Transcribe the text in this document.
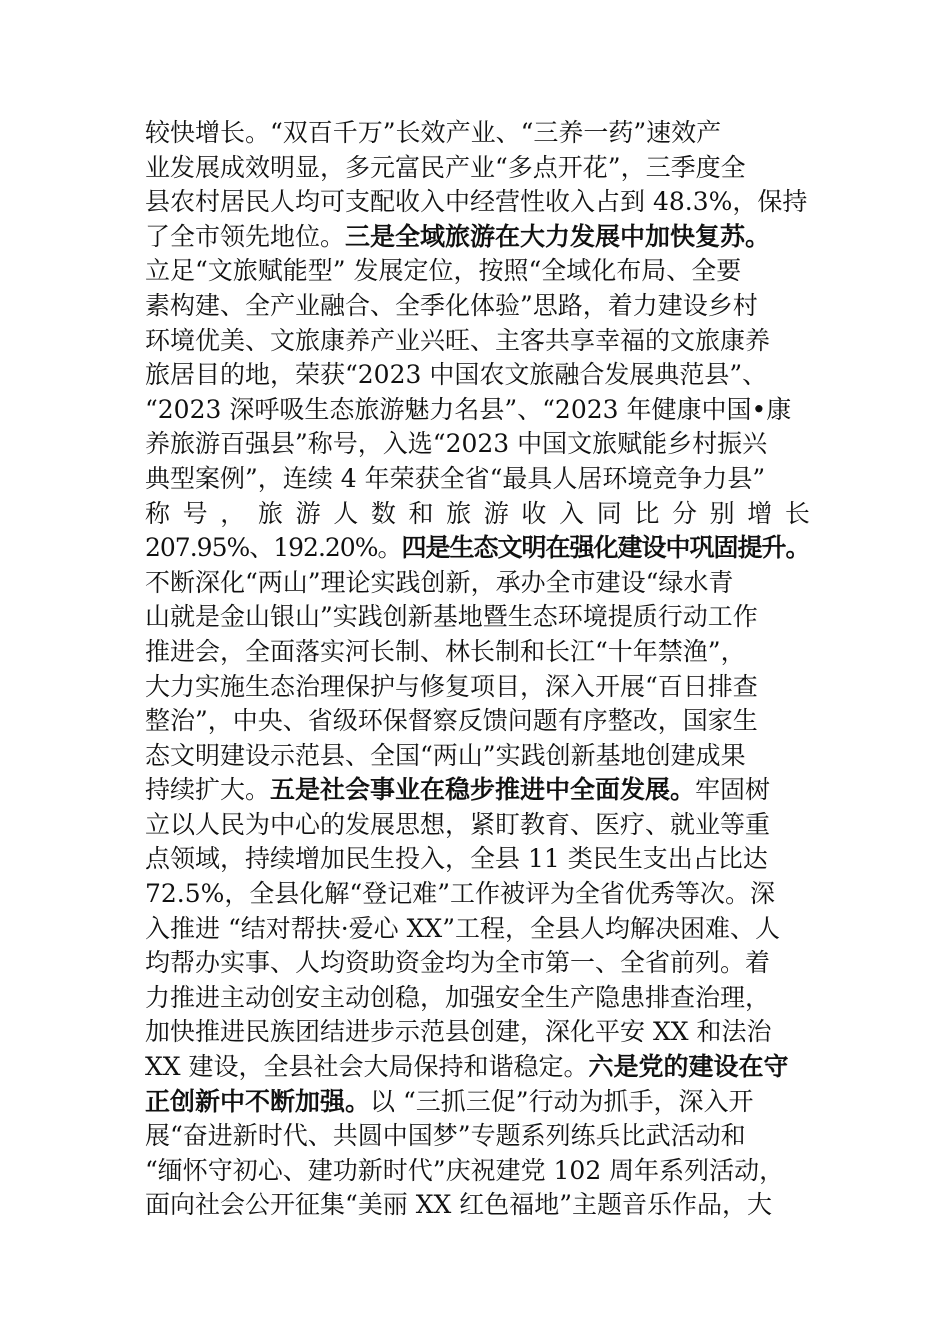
较快增长。“双百千万”长效产业、“三养一药”速效产
业发展成效明显，多元富民产业“多点开花”，三季度全
县农村居民人均可支配收入中经营性收入占到 48.3%，保持
了全市领先地位。三是全域旅游在大力发展中加快复苏。
立足“文旅赋能型” 发展定位，按照“全域化布局、全要
素构建、全产业融合、全季化体验”思路，着力建设乡村
环境优美、文旅康养产业兴旺、主客共享幸福的文旅康养
旅居目的地，荣获“2023 中国农文旅融合发展典范县”、
“2023 深呼吸生态旅游魅力名县”、“2023 年健康中国•康
养旅游百强县”称号，入选“2023 中国文旅赋能乡村振兴
典型案例”，连续 4 年荣获全省“最具人居环境竞争力县”
称 号 ， 旅 游 人 数 和 旅 游 收 入 同 比 分 别 增 长
207.95%、192.20%。四是生态文明在强化建设中巩固提升。
不断深化“两山”理论实践创新，承办全市建设“绿水青
山就是金山银山”实践创新基地暨生态环境提质行动工作
推进会，全面落实河长制、林长制和长江“十年禁渔”，
大力实施生态治理保护与修复项目，深入开展“百日排查
整治”，中央、省级环保督察反馈问题有序整改，国家生
态文明建设示范县、全国“两山”实践创新基地创建成果
持续扩大。五是社会事业在稳步推进中全面发展。牢固树
立以人民为中心的发展思想，紧盯教育、医疗、就业等重
点领域，持续增加民生投入，全县 11 类民生支出占比达
72.5%，全县化解“登记难”工作被评为全省优秀等次。深
入推进 “结对帮扶·爱心 XX”工程，全县人均解决困难、人
均帮办实事、人均资助资金均为全市第一、全省前列。着
力推进主动创安主动创稳，加强安全生产隐患排查治理，
加快推进民族团结进步示范县创建，深化平安 XX 和法治
XX 建设，全县社会大局保持和谐稳定。六是党的建设在守
正创新中不断加强。以 “三抓三促”行动为抓手，深入开
展“奋进新时代、共圆中国梦”专题系列练兵比武活动和
“缅怀守初心、建功新时代”庆祝建党 102 周年系列活动，
面向社会公开征集“美丽 XX 红色福地”主题音乐作品，大
